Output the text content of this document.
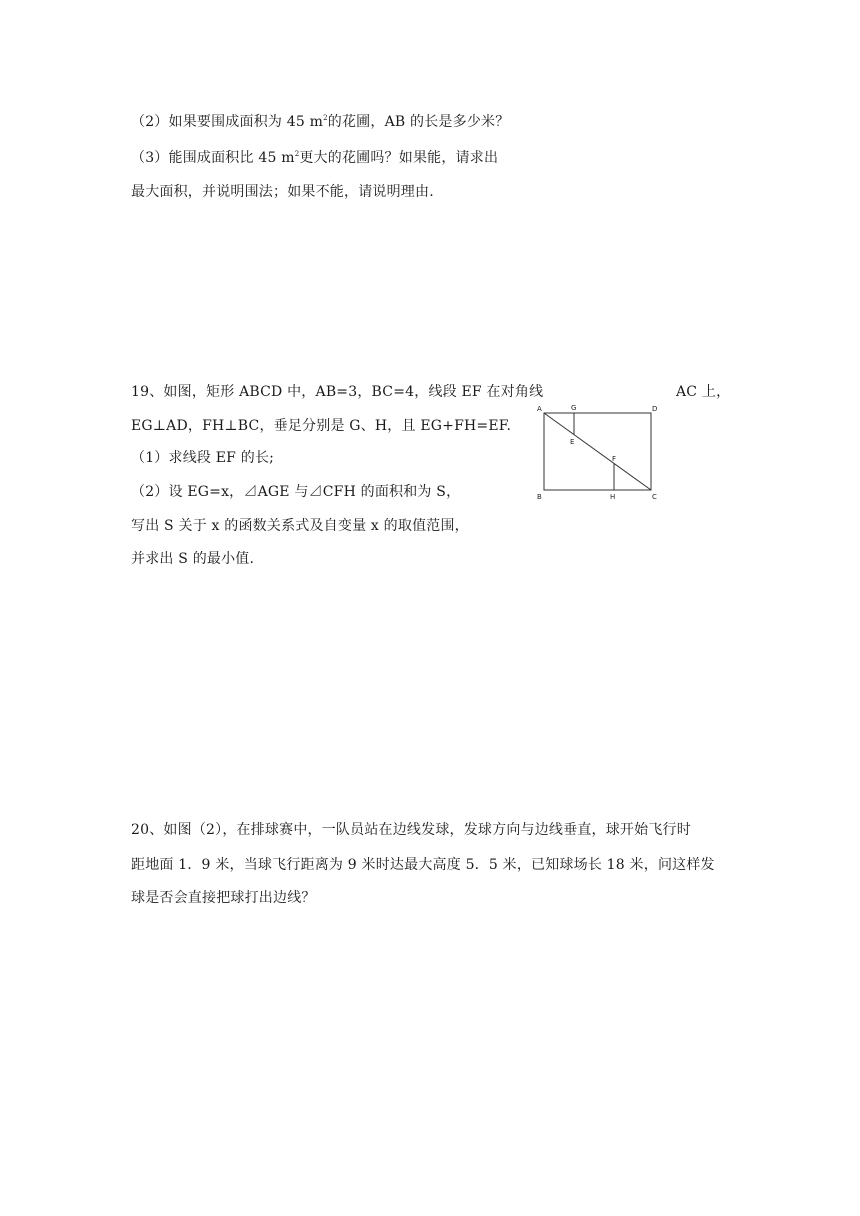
（2）如果要围成面积为 45 $m^2$的花圃，AB 的长是多少米？
（3）能围成面积比 45 $m^2$更大的花圃吗？如果能，请求出
最大面积，并说明围法；如果不能，请说明理由.
19、如图，矩形 ABCD 中，AB=3，BC=4，线段 EF 在对角线	AC 上，
EG⊥AD，FH⊥BC，垂足分别是 G、H，且 EG+FH=EF.
（1）求线段 EF 的长;
（2）设 EG=x，⊿AGE 与⊿CFH 的面积和为 S，
写出 S 关于 x 的函数关系式及自变量 x 的取值范围，
并求出 S 的最小值.
A	G	D
E
F
B	H	C
20、如图（2），在排球赛中，一队员站在边线发球，发球方向与边线垂直，球开始飞行时
距地面 1．9 米，当球飞行距离为 9 米时达最大高度 5．5 米，已知球场长 18 米，问这样发
球是否会直接把球打出边线？
